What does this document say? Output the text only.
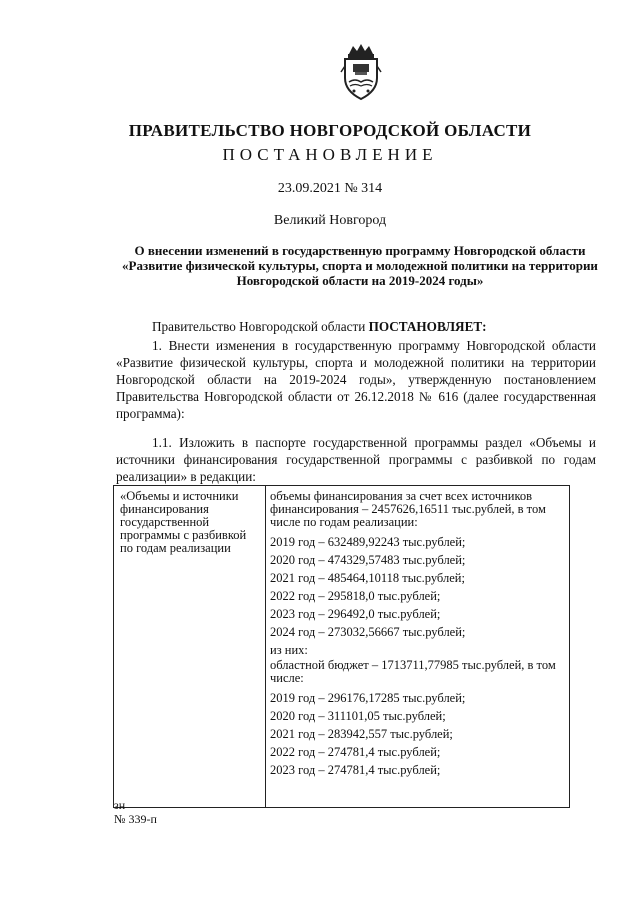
ПРАВИТЕЛЬСТВО НОВГОРОДСКОЙ ОБЛАСТИ
ПОСТАНОВЛЕНИЕ
23.09.2021 № 314
Великий Новгород
О внесении изменений в государственную программу Новгородской области «Развитие физической культуры, спорта и молодежной политики на территории Новгородской области на 2019-2024 годы»
Правительство Новгородской области ПОСТАНОВЛЯЕТ:
1. Внести изменения в государственную программу Новгородской области «Развитие физической культуры, спорта и молодежной политики на территории Новгородской области на 2019-2024 годы», утвержденную постановлением Правительства Новгородской области от 26.12.2018 № 616 (далее государственная программа):
1.1. Изложить в паспорте государственной программы раздел «Объемы и источники финансирования государственной программы с разбивкой по годам реализации» в редакции:
«Объемы и источники финансирования государственной программы с разбивкой по годам реализации
объемы финансирования за счет всех источников финансирования – 2457626,16511 тыс.рублей, в том числе по годам реализации:
2019 год – 632489,92243 тыс.рублей;
2020 год – 474329,57483 тыс.рублей;
2021 год – 485464,10118 тыс.рублей;
2022 год – 295818,0 тыс.рублей;
2023 год – 296492,0 тыс.рублей;
2024 год – 273032,56667 тыс.рублей;
из них:
областной бюджет – 1713711,77985 тыс.рублей, в том числе:
2019 год – 296176,17285 тыс.рублей;
2020 год – 311101,05 тыс.рублей;
2021 год – 283942,557 тыс.рублей;
2022 год – 274781,4 тыс.рублей;
2023 год – 274781,4 тыс.рублей;
зн
№ 339-п
